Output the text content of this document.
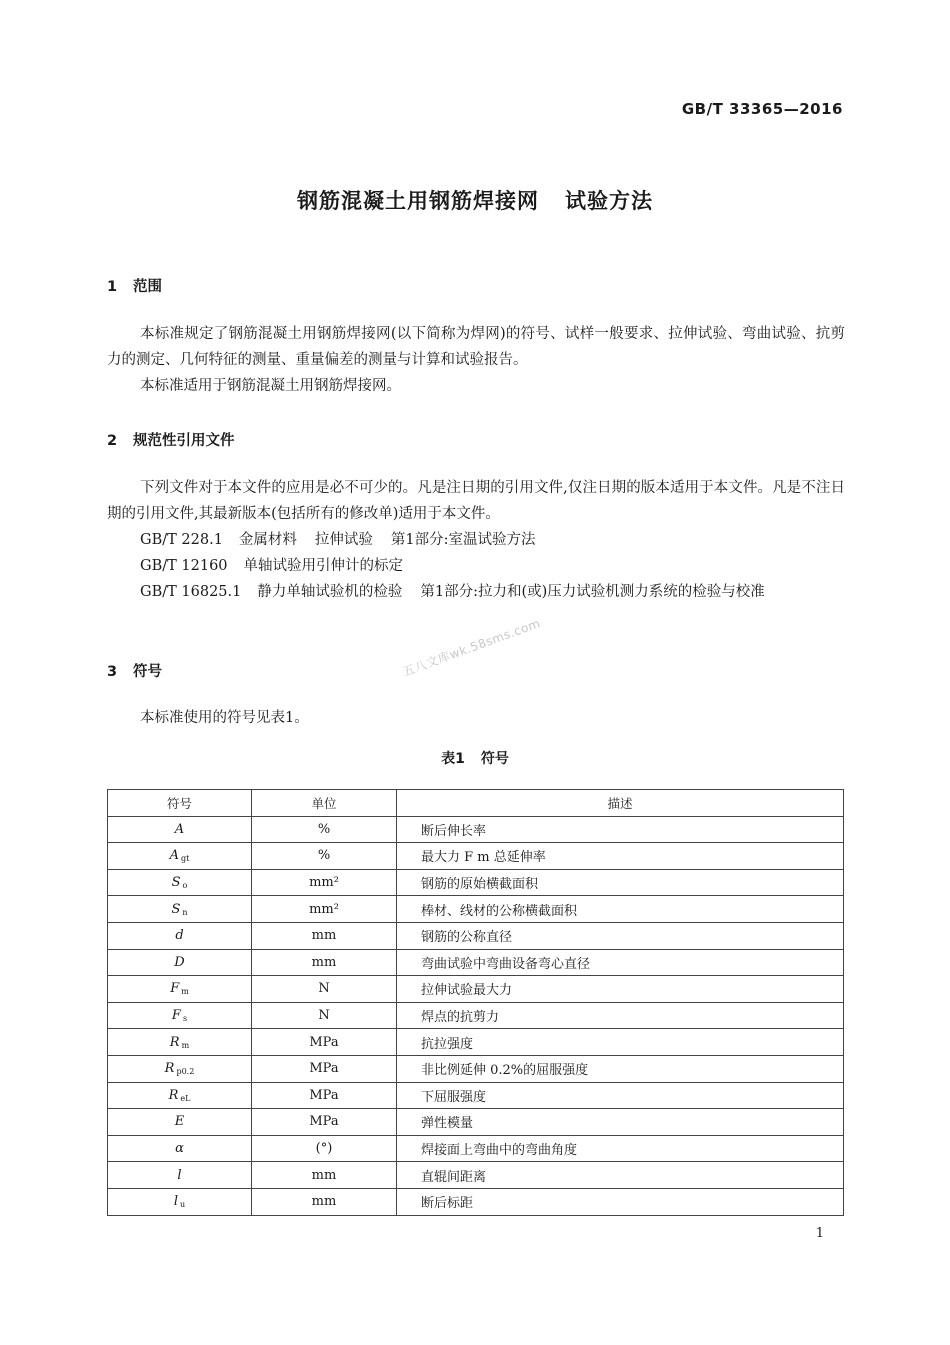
GB/T 33365—2016
钢筋混凝土用钢筋焊接网 试验方法
1 范围
本标准规定了钢筋混凝土用钢筋焊接网(以下简称为焊网)的符号、试样一般要求、拉伸试验、弯曲试验、抗剪力的测定、几何特征的测量、重量偏差的测量与计算和试验报告。
本标准适用于钢筋混凝土用钢筋焊接网。
2 规范性引用文件
下列文件对于本文件的应用是必不可少的。凡是注日期的引用文件,仅注日期的版本适用于本文件。凡是不注日期的引用文件,其最新版本(包括所有的修改单)适用于本文件。
GB/T 228.1 金属材料 拉伸试验 第1部分:室温试验方法
GB/T 12160 单轴试验用引伸计的标定
GB/T 16825.1 静力单轴试验机的检验 第1部分:拉力和(或)压力试验机测力系统的检验与校准
3 符号	五八文库wk.58sms.com
本标准使用的符号见表1。
表1 符号
符号	单位	描述
A	%	断后伸长率
A $_{gt}$	%	最大力 F m 总延伸率
S $_o$	mm²	钢筋的原始横截面积
S $_n$	mm²	棒材、线材的公称横截面积
d	mm	钢筋的公称直径
D	mm	弯曲试验中弯曲设备弯心直径
F $_m$	N	拉伸试验最大力
F $_s$	N	焊点的抗剪力
R $_m$	MPa	抗拉强度
R $_{p0.2}$	MPa	非比例延伸 0.2%的屈服强度
R $_{eL}$	MPa	下屈服强度
E	MPa	弹性模量
α	(°)	焊接面上弯曲中的弯曲角度
l	mm	直辊间距离
l $_u$	mm	断后标距
1
